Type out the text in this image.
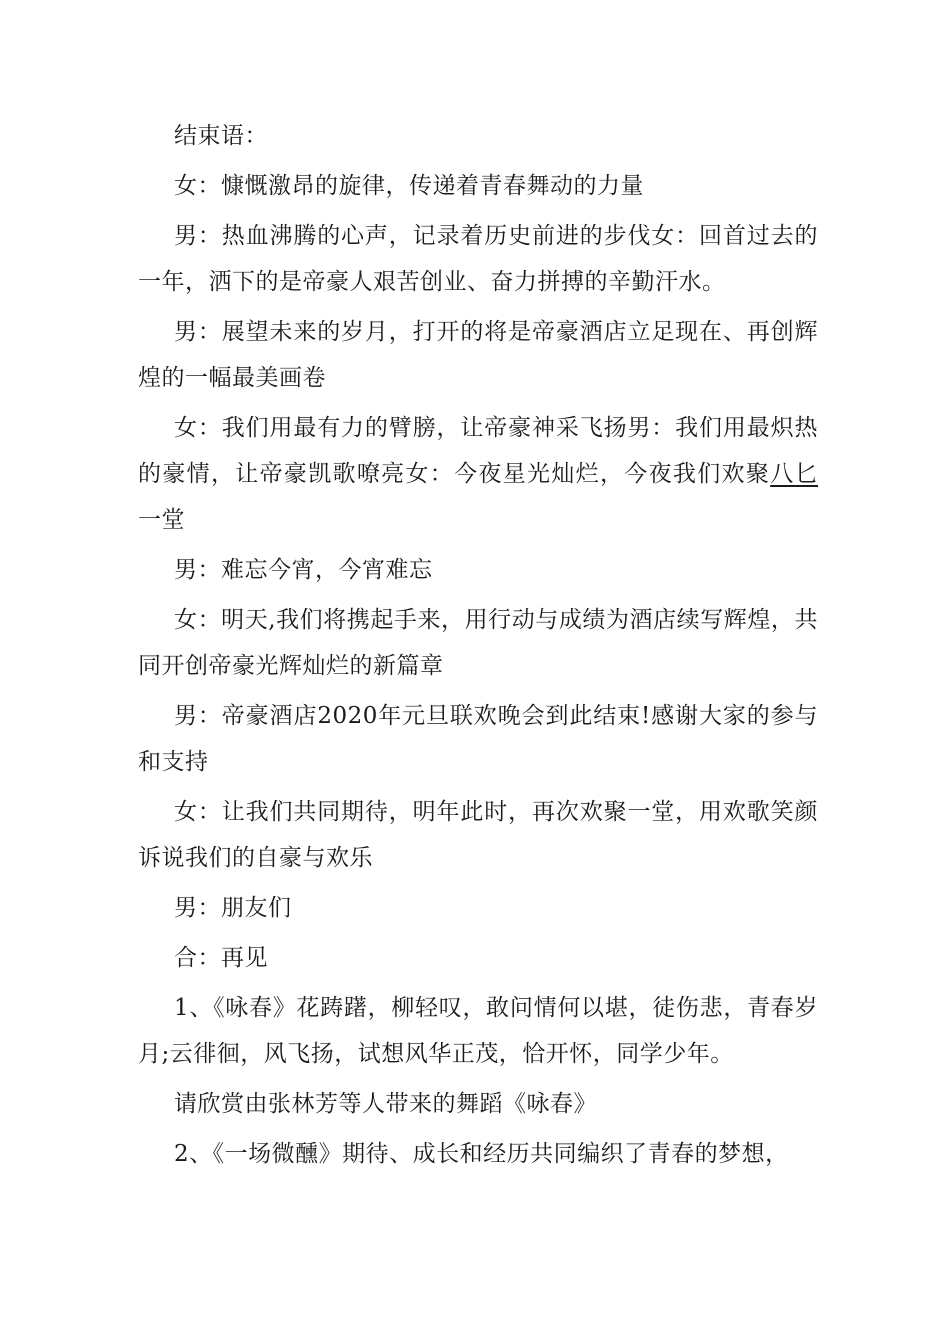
结束语：

女：慷慨激昂的旋律，传递着青春舞动的力量

男：热血沸腾的心声，记录着历史前进的步伐女：回首过去的一年，洒下的是帝豪人艰苦创业、奋力拼搏的辛勤汗水。

男：展望未来的岁月，打开的将是帝豪酒店立足现在、再创辉煌的一幅最美画卷

女：我们用最有力的臂膀，让帝豪神采飞扬男：我们用最炽热的豪情，让帝豪凯歌嘹亮女：今夜星光灿烂，今夜我们欢聚八匕一堂

男：难忘今宵，今宵难忘

女：明天,我们将携起手来，用行动与成绩为酒店续写辉煌，共同开创帝豪光辉灿烂的新篇章

男：帝豪酒店2020年元旦联欢晚会到此结束!感谢大家的参与和支持

女：让我们共同期待，明年此时，再次欢聚一堂，用欢歌笑颜诉说我们的自豪与欢乐

男：朋友们

合：再见

1、《咏春》花踌躇，柳轻叹，敢问情何以堪，徒伤悲，青春岁月;云徘徊，风飞扬，试想风华正茂，恰开怀，同学少年。

请欣赏由张林芳等人带来的舞蹈《咏春》

2、《一场微醺》期待、成长和经历共同编织了青春的梦想，
